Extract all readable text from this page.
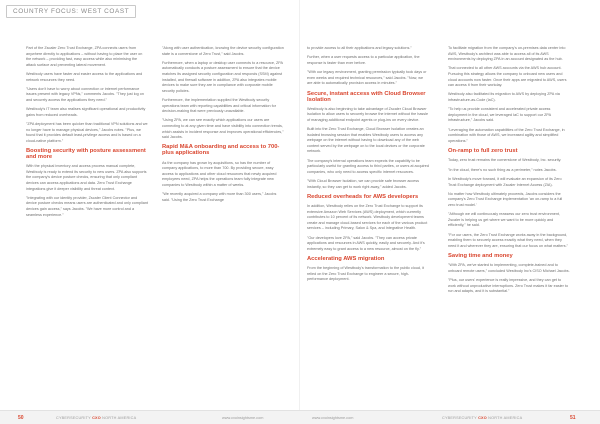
COUNTRY FOCUS: WEST COAST

Part of the Zscaler Zero Trust Exchange, ZPA connects users from anywhere directly to applications – without having to place the user on the network – providing fast, easy access while also minimising the attack surface and preventing lateral movement.

Westbody users have faster and easier access to the applications and network resources they need.

"Users don't have to worry about connection or internet performance issues present with legacy VPNs," comments Jacobs. "They just log on and securely access the applications they need."

Westbody's IT team also realises significant operational and productivity gains from reduced overheads.

"ZPA deployment has been quicker than traditional VPN solutions and we no longer have to manage physical devices," Jacobs notes. "Plus, we found that it provides default least-privilege access and is based on a cloud-native platform."

Boosting security with posture assessment and more

With the physical inventory and access process manual complete, Westbody is ready to extend its security to new users. ZPA also supports the company's device posture checks, ensuring that only compliant devices can access applications and data. Zero Trust Exchange integrations give it deeper visibility and threat context.

"Integrating with our identity provider, Zscaler Client Connector and device posture checks means users are authenticated and only compliant devices gain access," says Jacobs. "We have more control and a seamless experience."

"Along with user authentication, knowing the device security configuration state is a cornerstone of Zero Trust," said Jacobs.

Furthermore, when a laptop or desktop user connects to a resource, ZPA automatically conducts a posture assessment to ensure that the device matches its assigned security configuration and responds (SSM) against installed, and firewall software in addition, ZPA also integrates mobile devices to make sure they are in compliance with corporate mobile security policies.

Furthermore, the implementation supplied the Westbody security operations team with reporting capabilities and critical information for decision-making that were previously unavailable.

"Using ZPA, we can see exactly which applications our users are connecting to at any given time and have visibility into connection trends, which assists in incident response and improves operational efficiencies," said Jacobs.

Rapid M&A onboarding and access to 700-plus applications

As the company has grown by acquisitions, so has the number of company applications, to more than 700. By providing secure, easy access to applications and other cloud resources that newly acquired employees need, ZPA helps the operations team fully integrate new companies to Westbody within a matter of weeks.

"We recently acquired a company with more than 300 users," Jacobs said. "Using the Zero Trust Exchange

to provide access to all their applications and legacy solutions."

Further, when a user requests access to a particular application, the response is faster than ever before.

"With our legacy environment, granting permission typically took days or even weeks and required technical resources," said Jacobs. "Now, we are able to automatically provision access in minutes."

Secure, instant access with Cloud Browser Isolation

Westbody is also beginning to take advantage of Zscaler Cloud Browser Isolation to allow users to securely browse the internet without the hassle of managing additional endpoint agents or plug-ins on every device.

Built into the Zero Trust Exchange, Cloud Browser Isolation creates an isolated browsing session that enables Westbody users to access any webpage on the internet without having to download any of the web content served by the webpage on to the local devices or the corporate network.

The company's internal operations team expects the capability to be particularly useful for granting access to third parties, or users at acquired companies, who only need to access specific internet resources.

"With Cloud Browser Isolation, we can provide safe browser access instantly, so they can get to work right away," added Jacobs.

Reduced overheads for AWS developers

In addition, Westbody relies on the Zero Trust Exchange to support its extensive Amazon Web Services (AWS) deployment, which currently contributes to 10 percent of its network. Westbody development teams create and manage cloud-based services for each of the various product services – including Primary, Salon & Spa, and Integrative Health.

"Our developers love ZPA," said Jacobs. "They can access private applications and resources in AWS quickly, easily and securely. And it's extremely easy to grant access to a new resource, almost on the fly."

Accelerating AWS migration

From the beginning of Westbody's transformation to the public cloud, it relied on the Zero Trust Exchange to engineer a secure, high-performance deployment.

To facilitate migration from the company's on-premises data center into AWS, Westbody's architect was able to access all of its AWS environments by deploying ZPA in an account designated as the hub.

That connected to all other AWS accounts via the AWS hub account. Pursuing this strategy allows the company to onboard new users and cloud accounts now faster. Once their apps are migrated to AWS, users can access it from their workday.

Westbody also facilitated its migration to AWS by deploying ZPA via infrastructure-as-Code (IaC).

"To help us provide consistent and accelerated private access deployment in the cloud, we leveraged IaC to support our ZPA infrastructure," Jacobs said.

"Leveraging the automation capabilities of the Zero Trust Exchange, in combination with those of AWS, we increased agility and simplified operations."

On-ramp to full zero trust

Today, zero trust remains the cornerstone of Westbody, Inc. security.

"In the cloud, there's no such thing as a perimeter," notes Jacobs.

In Westbody's move forward, it will evaluate an expansion of its Zero Trust Exchange deployment with Zscaler Internet Access (ZIA).

No matter how Westbody ultimately proceeds, Jacobs considers the company's Zero Trust Exchange implementation 'an on-ramp to a full zero trust model.'

"Although we will continuously reassess our zero trust environment, Zscaler is helping us get where we want to be more quickly and efficiently," he said.

"For our users, the Zero Trust Exchange works away in the background, enabling them to securely access exactly what they need, when they need it and wherever they are, ensuring that our focus on what matters."

Saving time and money

"With ZPA, we've started to implementing, complete-trained and to onboard remote users," concluded Westbody Inc's CISO Michael Jacobs.

"Plus, our users' experience is really impressive, and they can get to work without unproductive interruptions. Zero Trust makes it far easier to run and adapts, and it is substantial."

50	CYBERSECURITY CXO NORTH AMERICA	www.cxoinsightsme.com	www.cxoinsightsme.com	CYBERSECURITY CXO NORTH AMERICA	51
